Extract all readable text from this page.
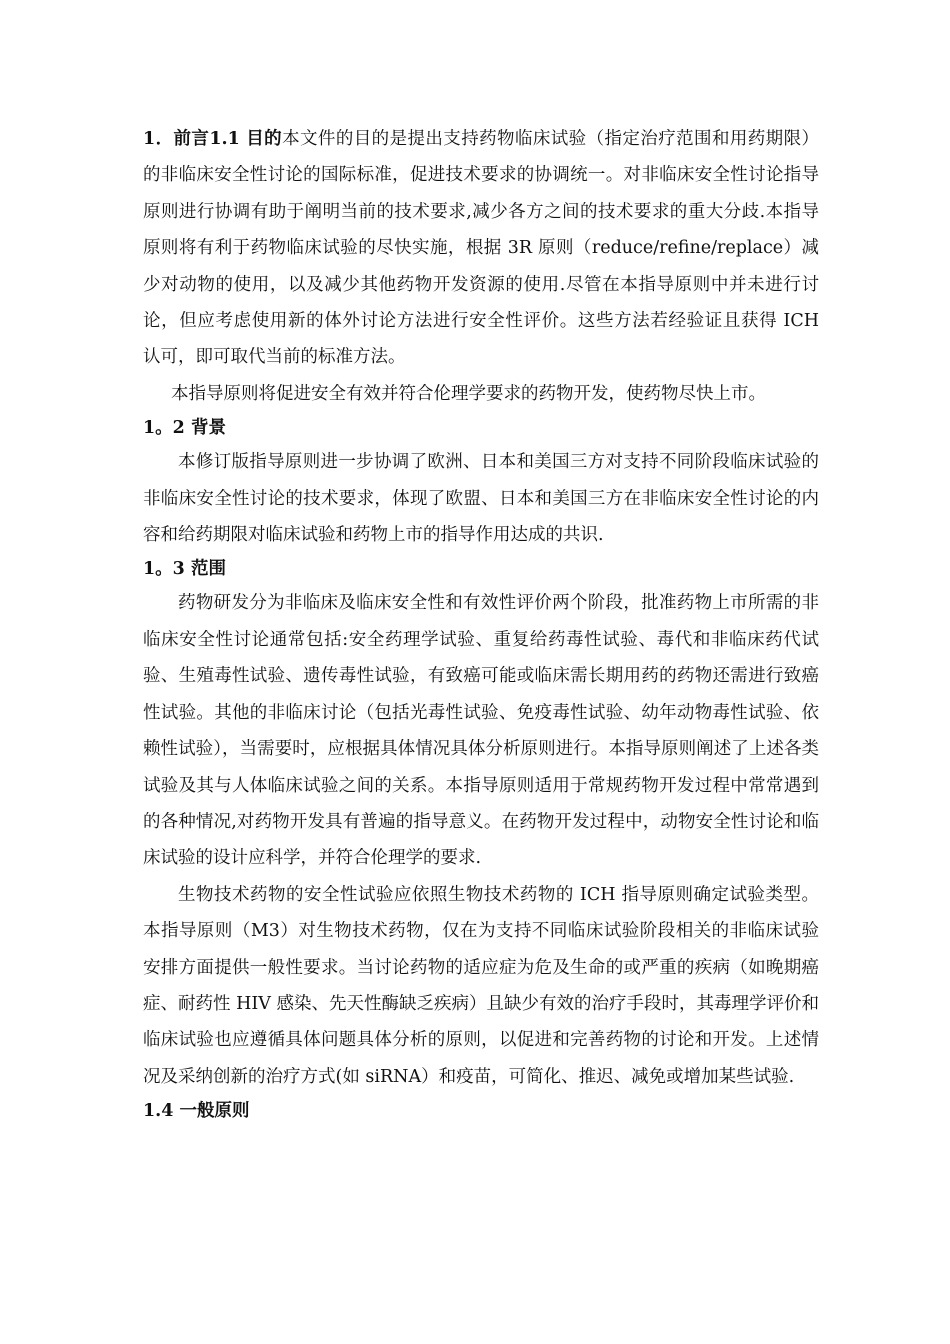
1．前言1.1 目的本文件的目的是提出支持药物临床试验（指定治疗范围和用药期限）的非临床安全性讨论的国际标准，促进技术要求的协调统一。对非临床安全性讨论指导原则进行协调有助于阐明当前的技术要求,减少各方之间的技术要求的重大分歧.本指导原则将有利于药物临床试验的尽快实施，根据 3R 原则（reduce/refine/replace）减少对动物的使用，以及减少其他药物开发资源的使用.尽管在本指导原则中并未进行讨论，但应考虑使用新的体外讨论方法进行安全性评价。这些方法若经验证且获得 ICH 认可，即可取代当前的标准方法。

本指导原则将促进安全有效并符合伦理学要求的药物开发，使药物尽快上市。

1。2 背景

本修订版指导原则进一步协调了欧洲、日本和美国三方对支持不同阶段临床试验的非临床安全性讨论的技术要求，体现了欧盟、日本和美国三方在非临床安全性讨论的内容和给药期限对临床试验和药物上市的指导作用达成的共识.

1。3 范围

药物研发分为非临床及临床安全性和有效性评价两个阶段，批准药物上市所需的非临床安全性讨论通常包括:安全药理学试验、重复给药毒性试验、毒代和非临床药代试验、生殖毒性试验、遗传毒性试验，有致癌可能或临床需长期用药的药物还需进行致癌性试验。其他的非临床讨论（包括光毒性试验、免疫毒性试验、幼年动物毒性试验、依赖性试验），当需要时，应根据具体情况具体分析原则进行。本指导原则阐述了上述各类试验及其与人体临床试验之间的关系。本指导原则适用于常规药物开发过程中常常遇到的各种情况,对药物开发具有普遍的指导意义。在药物开发过程中，动物安全性讨论和临床试验的设计应科学，并符合伦理学的要求.

生物技术药物的安全性试验应依照生物技术药物的 ICH 指导原则确定试验类型。本指导原则（M3）对生物技术药物，仅在为支持不同临床试验阶段相关的非临床试验安排方面提供一般性要求。当讨论药物的适应症为危及生命的或严重的疾病（如晚期癌症、耐药性 HIV 感染、先天性酶缺乏疾病）且缺少有效的治疗手段时，其毒理学评价和临床试验也应遵循具体问题具体分析的原则，以促进和完善药物的讨论和开发。上述情况及采纳创新的治疗方式(如 siRNA）和疫苗，可简化、推迟、减免或增加某些试验.

1.4 一般原则
